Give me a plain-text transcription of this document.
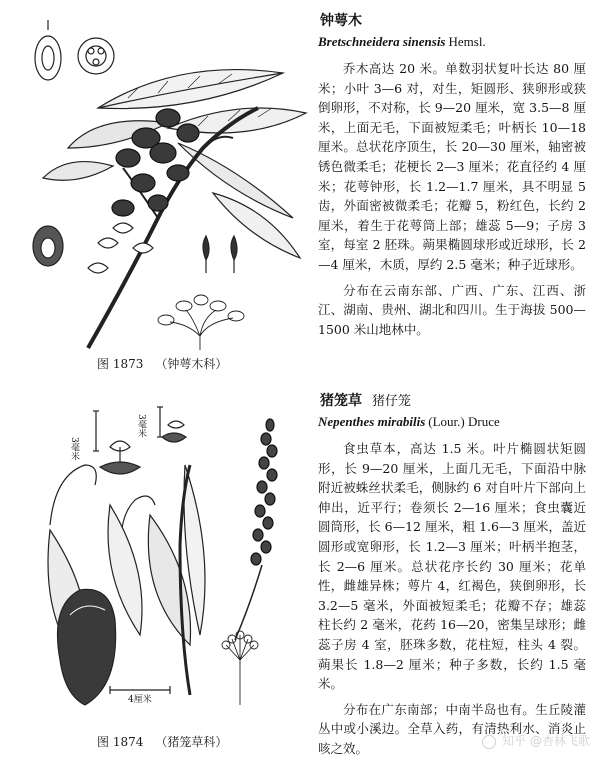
图 1873 （钟萼木科）
钟萼木
Bretschneidera sinensis Hemsl.

乔木高达 20 米。单数羽状复叶长达 80 厘米；小叶 3—6 对，对生，矩圆形、狭卵形或狭倒卵形，不对称，长 9—20 厘米，宽 3.5—8 厘米，上面无毛，下面被短柔毛；叶柄长 10—18 厘米。总状花序顶生，长 20—30 厘米，轴密被锈色微柔毛；花梗长 2—3 厘米；花直径约 4 厘米；花萼钟形，长 1.2—1.7 厘米，具不明显 5 齿，外面密被微柔毛；花瓣 5，粉红色，长约 2 厘米，着生于花萼筒上部；雄蕊 5—9；子房 3 室，每室 2 胚珠。蒴果椭圆球形或近球形，长 2—4 厘米，木质，厚约 2.5 毫米；种子近球形。

分布在云南东部、广西、广东、江西、浙江、湖南、贵州、湖北和四川。生于海拔 500—1500 米山地林中。

3毫米
3毫米
4厘米
图 1874 （猪笼草科）
猪笼草 猪仔笼
Nepenthes mirabilis (Lour.) Druce

食虫草本，高达 1.5 米。叶片椭圆状矩圆形，长 9—20 厘米，上面几无毛，下面沿中脉附近被蛛丝状柔毛，侧脉约 6 对自叶片下部向上伸出，近平行；卷须长 2—16 厘米；食虫囊近圆筒形，长 6—12 厘米，粗 1.6—3 厘米，盖近圆形或宽卵形，长 1.2—3 厘米；叶柄半抱茎，长 2—6 厘米。总状花序长约 30 厘米；花单性，雌雄异株；萼片 4，红褐色，狭倒卵形，长 3.2—5 毫米，外面被短柔毛；花瓣不存；雄蕊柱长约 2 毫米，花药 16—20，密集呈球形；雌蕊子房 4 室，胚珠多数，花柱短，柱头 4 裂。蒴果长 1.8—2 厘米；种子多数，长约 1.5 毫米。

分布在广东南部；中南半岛也有。生丘陵灌丛中或小溪边。全草入药，有清热利水、消炎止咳之效。	知乎 @杏林飞歌
